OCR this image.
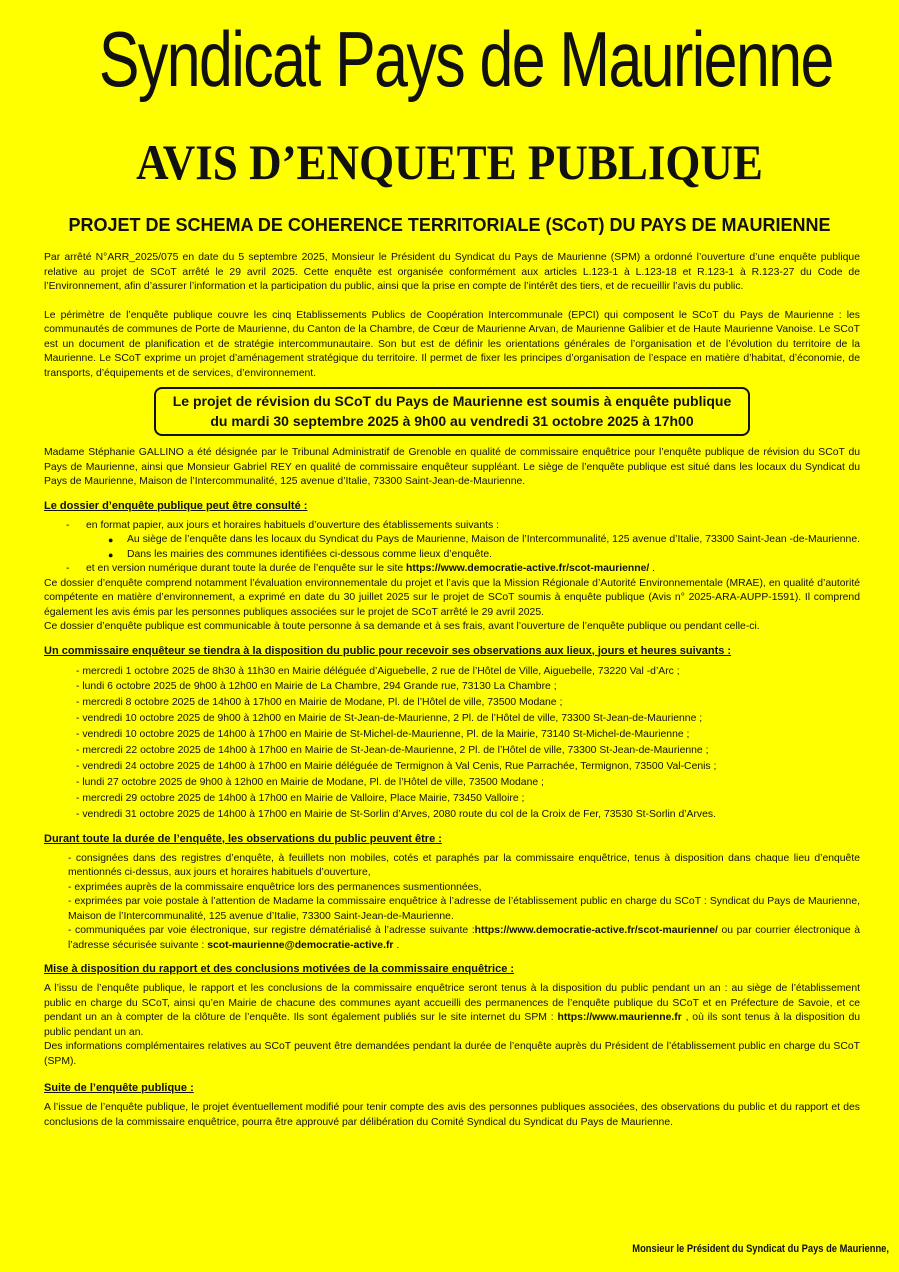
Syndicat Pays de Maurienne
AVIS D’ENQUETE PUBLIQUE
PROJET DE SCHEMA DE COHERENCE TERRITORIALE (SCoT) DU PAYS DE MAURIENNE

Par arrêté N°ARR_2025/075 en date du 5 septembre 2025, Monsieur le Président du Syndicat du Pays de Maurienne (SPM) a ordonné l’ouverture d’une enquête publique relative au projet de SCoT arrêté le 29 avril 2025. Cette enquête est organisée conformément aux articles L.123-1 à L.123-18 et R.123-1 à R.123-27 du Code de l’Environnement, afin d’assurer l’information et la participation du public, ainsi que la prise en compte de l’intérêt des tiers, et de recueillir l’avis du public.

Le périmètre de l’enquête publique couvre les cinq Etablissements Publics de Coopération Intercommunale (EPCI) qui composent le SCoT du Pays de Maurienne : les communautés de communes de Porte de Maurienne, du Canton de la Chambre, de Cœur de Maurienne Arvan, de Maurienne Galibier et de Haute Maurienne Vanoise. Le SCoT est un document de planification et de stratégie intercommunautaire. Son but est de définir les orientations générales de l’organisation et de l’évolution du territoire de la Maurienne. Le SCoT exprime un projet d’aménagement stratégique du territoire. Il permet de fixer les principes d’organisation de l’espace en matière d’habitat, d’économie, de transports, d’équipements et de services, d’environnement.

Le projet de révision du SCoT du Pays de Maurienne est soumis à enquête publique
du mardi 30 septembre 2025 à 9h00 au vendredi 31 octobre 2025 à 17h00

Madame Stéphanie GALLINO a été désignée par le Tribunal Administratif de Grenoble en qualité de commissaire enquêtrice pour l’enquête publique de révision du SCoT du Pays de Maurienne, ainsi que Monsieur Gabriel REY en qualité de commissaire enquêteur suppléant. Le siège de l’enquête publique est situé dans les locaux du Syndicat du Pays de Maurienne, Maison de l’Intercommunalité, 125 avenue d’Italie, 73300 Saint-Jean-de-Maurienne.

Le dossier d’enquête publique peut être consulté :
-	en format papier, aux jours et horaires habituels d’ouverture des établissements suivants :
●	Au siège de l’enquête dans les locaux du Syndicat du Pays de Maurienne, Maison de l’Intercommunalité, 125 avenue d’Italie, 73300 Saint-Jean -de-Maurienne.
●	Dans les mairies des communes identifiées ci-dessous comme lieux d’enquête.
-	et en version numérique durant toute la durée de l’enquête sur le site https://www.democratie-active.fr/scot-maurienne/ .

Ce dossier d’enquête comprend notamment l’évaluation environnementale du projet et l’avis que la Mission Régionale d’Autorité Environnementale (MRAE), en qualité d’autorité compétente en matière d’environnement, a exprimé en date du 30 juillet 2025 sur le projet de SCoT soumis à enquête publique (Avis n° 2025-ARA-AUPP-1591). Il comprend également les avis émis par les personnes publiques associées sur le projet de SCoT arrêté le 29 avril 2025.

Ce dossier d’enquête publique est communicable à toute personne à sa demande et à ses frais, avant l’ouverture de l’enquête publique ou pendant celle-ci.

Un commissaire enquêteur se tiendra à la disposition du public pour recevoir ses observations aux lieux, jours et heures suivants :

- mercredi 1 octobre 2025 de 8h30 à 11h30 en Mairie déléguée d’Aiguebelle, 2 rue de l’Hôtel de Ville, Aiguebelle, 73220 Val -d’Arc ;

- lundi 6 octobre 2025 de 9h00 à 12h00 en Mairie de La Chambre, 294 Grande rue, 73130 La Chambre ;

- mercredi 8 octobre 2025 de 14h00 à 17h00 en Mairie de Modane, Pl. de l’Hôtel de ville, 73500 Modane ;

- vendredi 10 octobre 2025 de 9h00 à 12h00 en Mairie de St-Jean-de-Maurienne, 2 Pl. de l’Hôtel de ville, 73300 St-Jean-de-Maurienne ;

- vendredi 10 octobre 2025 de 14h00 à 17h00 en Mairie de St-Michel-de-Maurienne, Pl. de la Mairie, 73140 St-Michel-de-Maurienne ;

- mercredi 22 octobre 2025 de 14h00 à 17h00 en Mairie de St-Jean-de-Maurienne, 2 Pl. de l’Hôtel de ville, 73300 St-Jean-de-Maurienne ;

- vendredi 24 octobre 2025 de 14h00 à 17h00 en Mairie déléguée de Termignon à Val Cenis, Rue Parrachée, Termignon, 73500 Val-Cenis ;

- lundi 27 octobre 2025 de 9h00 à 12h00 en Mairie de Modane, Pl. de l’Hôtel de ville, 73500 Modane ;

- mercredi 29 octobre 2025 de 14h00 à 17h00 en Mairie de Valloire, Place Mairie, 73450 Valloire ;

- vendredi 31 octobre 2025 de 14h00 à 17h00 en Mairie de St-Sorlin d’Arves, 2080 route du col de la Croix de Fer, 73530 St-Sorlin d’Arves.

Durant toute la durée de l’enquête, les observations du public peuvent être :

- consignées dans des registres d’enquête, à feuillets non mobiles, cotés et paraphés par la commissaire enquêtrice, tenus à disposition dans chaque lieu d’enquête mentionnés ci-dessus, aux jours et horaires habituels d’ouverture,

- exprimées auprès de la commissaire enquêtrice lors des permanences susmentionnées,

- exprimées par voie postale à l’attention de Madame la commissaire enquêtrice à l’adresse de l’établissement public en charge du SCoT : Syndicat du Pays de Maurienne, Maison de l’Intercommunalité, 125 avenue d’Italie, 73300 Saint-Jean-de-Maurienne.

- communiquées par voie électronique, sur registre dématérialisé à l’adresse suivante :https://www.democratie-active.fr/scot-maurienne/ ou par courrier électronique à l’adresse sécurisée suivante : scot-maurienne@democratie-active.fr .

Mise à disposition du rapport et des conclusions motivées de la commissaire enquêtrice :

A l’issu de l’enquête publique, le rapport et les conclusions de la commissaire enquêtrice seront tenus à la disposition du public pendant un an : au siège de l’établissement public en charge du SCoT, ainsi qu’en Mairie de chacune des communes ayant accueilli des permanences de l’enquête publique du SCoT et en Préfecture de Savoie, et ce pendant un an à compter de la clôture de l’enquête. Ils sont également publiés sur le site internet du SPM : https://www.maurienne.fr , où ils sont tenus à la disposition du public pendant un an.

Des informations complémentaires relatives au SCoT peuvent être demandées pendant la durée de l’enquête auprès du Président de l’établissement public en charge du SCoT (SPM).

Suite de l’enquête publique :

A l’issue de l’enquête publique, le projet éventuellement modifié pour tenir compte des avis des personnes publiques associées, des observations du public et du rapport et des conclusions de la commissaire enquêtrice, pourra être approuvé par délibération du Comité Syndical du Syndicat du Pays de Maurienne.

Monsieur le Président du Syndicat du Pays de Maurienne,
